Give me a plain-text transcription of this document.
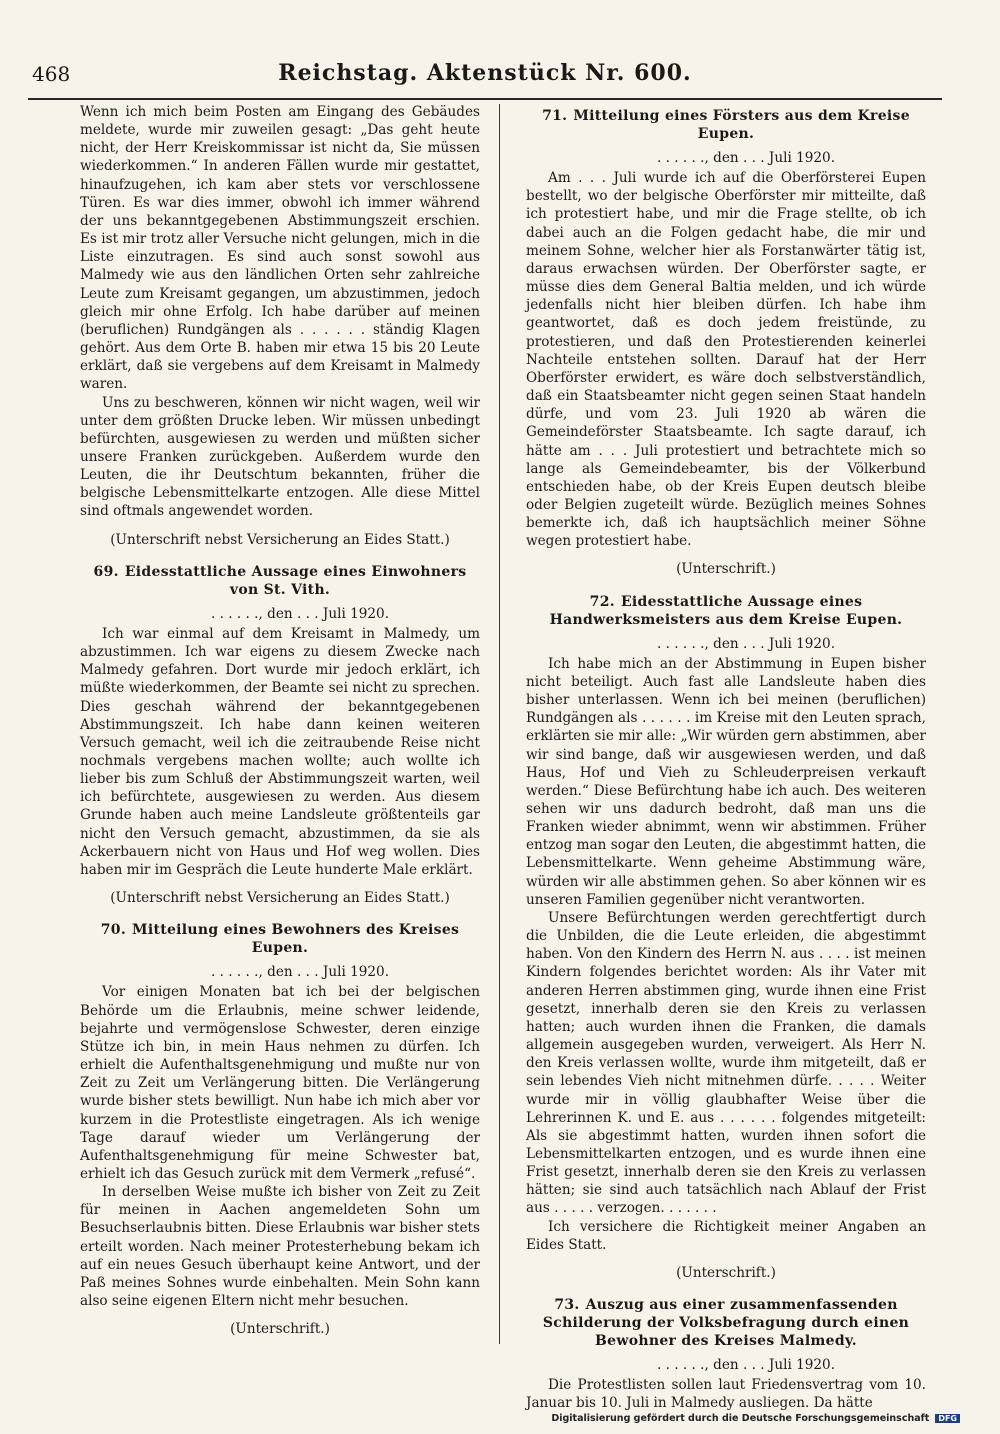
468	Reichstag. Aktenstück Nr. 600.

Wenn ich mich beim Posten am Eingang des Gebäudes meldete, wurde mir zuweilen gesagt: „Das geht heute nicht, der Herr Kreiskommissar ist nicht da, Sie müssen wiederkommen.“ In anderen Fällen wurde mir gestattet, hinaufzugehen, ich kam aber stets vor verschlossene Türen. Es war dies immer, obwohl ich immer während der uns bekanntgegebenen Abstimmungszeit erschien. Es ist mir trotz aller Versuche nicht gelungen, mich in die Liste einzutragen. Es sind auch sonst sowohl aus Malmedy wie aus den ländlichen Orten sehr zahlreiche Leute zum Kreisamt gegangen, um abzustimmen, jedoch gleich mir ohne Erfolg. Ich habe darüber auf meinen (beruflichen) Rundgängen als . . . . . . ständig Klagen gehört. Aus dem Orte B. haben mir etwa 15 bis 20 Leute erklärt, daß sie vergebens auf dem Kreisamt in Malmedy waren.

Uns zu beschweren, können wir nicht wagen, weil wir unter dem größten Drucke leben. Wir müssen unbedingt befürchten, ausgewiesen zu werden und müßten sicher unsere Franken zurückgeben. Außerdem wurde den Leuten, die ihr Deutschtum bekannten, früher die belgische Lebensmittelkarte entzogen. Alle diese Mittel sind oftmals angewendet worden.

(Unterschrift nebst Versicherung an Eides Statt.)
69. Eidesstattliche Aussage eines Einwohners von St. Vith.
. . . . . ., den . . . Juli 1920.

Ich war einmal auf dem Kreisamt in Malmedy, um abzustimmen. Ich war eigens zu diesem Zwecke nach Malmedy gefahren. Dort wurde mir jedoch erklärt, ich müßte wiederkommen, der Beamte sei nicht zu sprechen. Dies geschah während der bekanntgegebenen Abstimmungszeit. Ich habe dann keinen weiteren Versuch gemacht, weil ich die zeitraubende Reise nicht nochmals vergebens machen wollte; auch wollte ich lieber bis zum Schluß der Abstimmungszeit warten, weil ich befürchtete, ausgewiesen zu werden. Aus diesem Grunde haben auch meine Landsleute größtenteils gar nicht den Versuch gemacht, abzustimmen, da sie als Ackerbauern nicht von Haus und Hof weg wollen. Dies haben mir im Gespräch die Leute hunderte Male erklärt.

(Unterschrift nebst Versicherung an Eides Statt.)
70. Mitteilung eines Bewohners des Kreises Eupen.
. . . . . ., den . . . Juli 1920.

Vor einigen Monaten bat ich bei der belgischen Behörde um die Erlaubnis, meine schwer leidende, bejahrte und vermögenslose Schwester, deren einzige Stütze ich bin, in mein Haus nehmen zu dürfen. Ich erhielt die Aufenthaltsgenehmigung und mußte nur von Zeit zu Zeit um Verlängerung bitten. Die Verlängerung wurde bisher stets bewilligt. Nun habe ich mich aber vor kurzem in die Protestliste eingetragen. Als ich wenige Tage darauf wieder um Verlängerung der Aufenthaltsgenehmigung für meine Schwester bat, erhielt ich das Gesuch zurück mit dem Vermerk „refusé“.

In derselben Weise mußte ich bisher von Zeit zu Zeit für meinen in Aachen angemeldeten Sohn um Besuchserlaubnis bitten. Diese Erlaubnis war bisher stets erteilt worden. Nach meiner Protesterhebung bekam ich auf ein neues Gesuch überhaupt keine Antwort, und der Paß meines Sohnes wurde einbehalten. Mein Sohn kann also seine eigenen Eltern nicht mehr besuchen.

(Unterschrift.)
71. Mitteilung eines Försters aus dem Kreise Eupen.
. . . . . ., den . . . Juli 1920.

Am . . . Juli wurde ich auf die Oberförsterei Eupen bestellt, wo der belgische Oberförster mir mitteilte, daß ich protestiert habe, und mir die Frage stellte, ob ich dabei auch an die Folgen gedacht habe, die mir und meinem Sohne, welcher hier als Forstanwärter tätig ist, daraus erwachsen würden. Der Oberförster sagte, er müsse dies dem General Baltia melden, und ich würde jedenfalls nicht hier bleiben dürfen. Ich habe ihm geantwortet, daß es doch jedem freistünde, zu protestieren, und daß den Protestierenden keinerlei Nachteile entstehen sollten. Darauf hat der Herr Oberförster erwidert, es wäre doch selbstverständlich, daß ein Staatsbeamter nicht gegen seinen Staat handeln dürfe, und vom 23. Juli 1920 ab wären die Gemeindeförster Staatsbeamte. Ich sagte darauf, ich hätte am . . . Juli protestiert und betrachtete mich so lange als Gemeindebeamter, bis der Völkerbund entschieden habe, ob der Kreis Eupen deutsch bleibe oder Belgien zugeteilt würde. Bezüglich meines Sohnes bemerkte ich, daß ich hauptsächlich meiner Söhne wegen protestiert habe.

(Unterschrift.)
72. Eidesstattliche Aussage eines Handwerksmeisters aus dem Kreise Eupen.
. . . . . ., den . . . Juli 1920.

Ich habe mich an der Abstimmung in Eupen bisher nicht beteiligt. Auch fast alle Landsleute haben dies bisher unterlassen. Wenn ich bei meinen (beruflichen) Rundgängen als . . . . . . im Kreise mit den Leuten sprach, erklärten sie mir alle: „Wir würden gern abstimmen, aber wir sind bange, daß wir ausgewiesen werden, und daß Haus, Hof und Vieh zu Schleuderpreisen verkauft werden.“ Diese Befürchtung habe ich auch. Des weiteren sehen wir uns dadurch bedroht, daß man uns die Franken wieder abnimmt, wenn wir abstimmen. Früher entzog man sogar den Leuten, die abgestimmt hatten, die Lebensmittelkarte. Wenn geheime Abstimmung wäre, würden wir alle abstimmen gehen. So aber können wir es unseren Familien gegenüber nicht verantworten.

Unsere Befürchtungen werden gerechtfertigt durch die Unbilden, die die Leute erleiden, die abgestimmt haben. Von den Kindern des Herrn N. aus . . . . ist meinen Kindern folgendes berichtet worden: Als ihr Vater mit anderen Herren abstimmen ging, wurde ihnen eine Frist gesetzt, innerhalb deren sie den Kreis zu verlassen hatten; auch wurden ihnen die Franken, die damals allgemein ausgegeben wurden, verweigert. Als Herr N. den Kreis verlassen wollte, wurde ihm mitgeteilt, daß er sein lebendes Vieh nicht mitnehmen dürfe. . . . . Weiter wurde mir in völlig glaubhafter Weise über die Lehrerinnen K. und E. aus . . . . . . folgendes mitgeteilt: Als sie abgestimmt hatten, wurden ihnen sofort die Lebensmittelkarten entzogen, und es wurde ihnen eine Frist gesetzt, innerhalb deren sie den Kreis zu verlassen hätten; sie sind auch tatsächlich nach Ablauf der Frist aus . . . . . verzogen. . . . . . .

Ich versichere die Richtigkeit meiner Angaben an Eides Statt.

(Unterschrift.)
73. Auszug aus einer zusammenfassenden Schilderung der Volksbefragung durch einen Bewohner des Kreises Malmedy.
. . . . . ., den . . . Juli 1920.

Die Protestlisten sollen laut Friedensvertrag vom 10. Januar bis 10. Juli in Malmedy ausliegen. Da hätte

Digitalisierung gefördert durch die Deutsche Forschungsgemeinschaft DFG
